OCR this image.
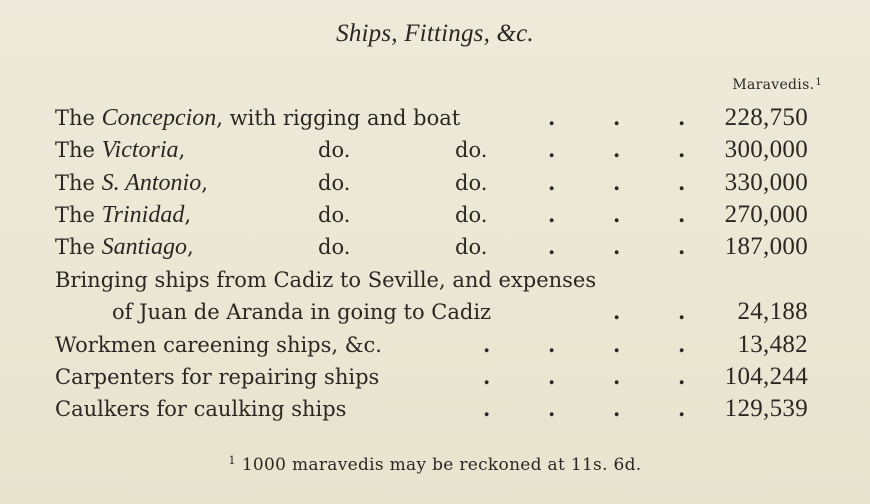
Ships, Fittings, &c.
Maravedis.$^1$
The Concepcion, with rigging and boat	.	.	. 228,750
The Victoria,	do.	do.	.	.	. 300,000
The S. Antonio,	do.	do.	.	.	. 330,000
The Trinidad,	do.	do.	.	.	. 270,000
The Santiago,	do.	do.	.	.	. 187,000
Bringing ships from Cadiz to Seville, and expenses
of Juan de Aranda in going to Cadiz	.	. 24,188
Workmen careening ships, &c.	.	.	.	. 13,482
Carpenters for repairing ships	.	.	.	. 104,244
Caulkers for caulking ships	.	.	.	. 129,539
$^1$ 1000 maravedis may be reckoned at 11s. 6d.
